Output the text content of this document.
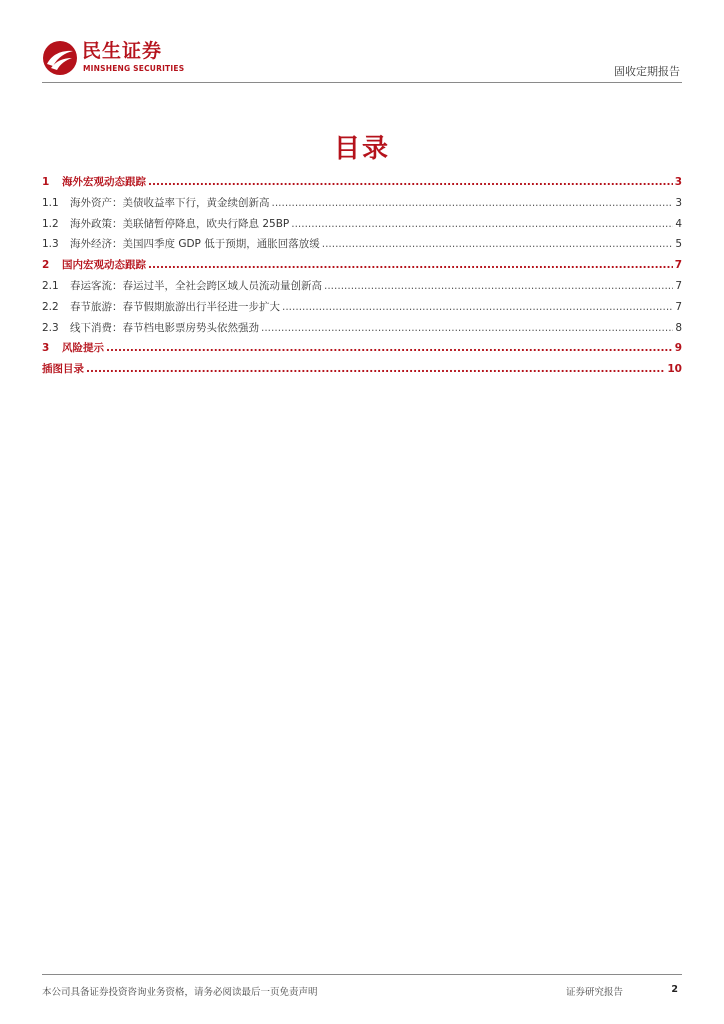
民生证券
MINSHENG SECURITIES	固收定期报告
目录
1	海外宏观动态跟踪 .....	3
1.1	海外资产：美债收益率下行，黄金续创新高 .....	3
1.2	海外政策：美联储暂停降息，欧央行降息 25BP .....	4
1.3	海外经济：美国四季度 GDP 低于预期，通胀回落放缓 .....	5
2	国内宏观动态跟踪 .....	7
2.1	春运客流：春运过半，全社会跨区域人员流动量创新高 .....	7
2.2	春节旅游：春节假期旅游出行半径进一步扩大 .....	7
2.3	线下消费：春节档电影票房势头依然强劲 .....	8
3	风险提示 .....	9
插图目录 .....	10
本公司具备证券投资咨询业务资格，请务必阅读最后一页免责声明	证券研究报告	2
